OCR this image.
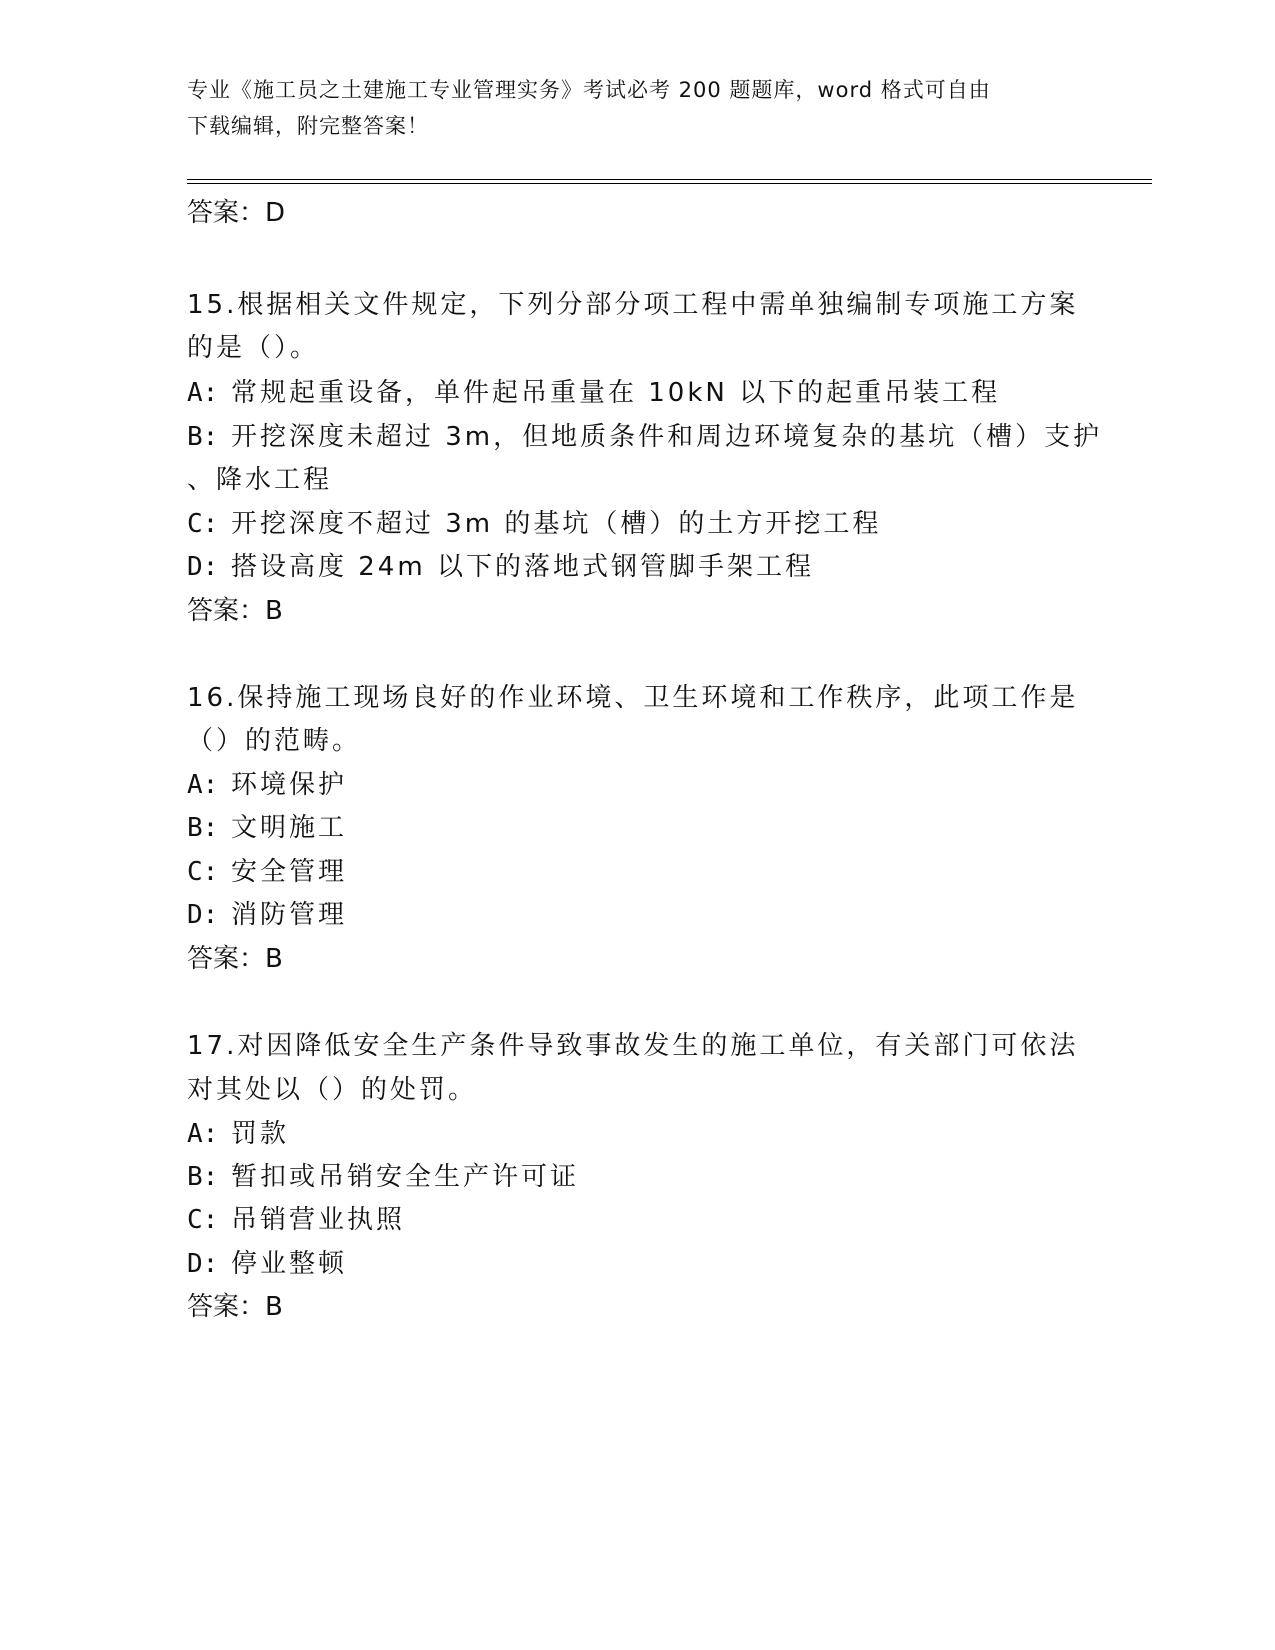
专业《施工员之土建施工专业管理实务》考试必考 200 题题库，word 格式可自由
下载编辑，附完整答案！
答案：D
15.根据相关文件规定，下列分部分项工程中需单独编制专项施工方案
的是（）。
A: 常规起重设备，单件起吊重量在 10kN 以下的起重吊装工程
B: 开挖深度未超过 3m，但地质条件和周边环境复杂的基坑（槽）支护
、降水工程
C: 开挖深度不超过 3m 的基坑（槽）的土方开挖工程
D: 搭设高度 24m 以下的落地式钢管脚手架工程
答案：B
16.保持施工现场良好的作业环境、卫生环境和工作秩序，此项工作是
（）的范畴。
A: 环境保护
B: 文明施工
C: 安全管理
D: 消防管理
答案：B
17.对因降低安全生产条件导致事故发生的施工单位，有关部门可依法
对其处以（）的处罚。
A: 罚款
B: 暂扣或吊销安全生产许可证
C: 吊销营业执照
D: 停业整顿
答案：B
